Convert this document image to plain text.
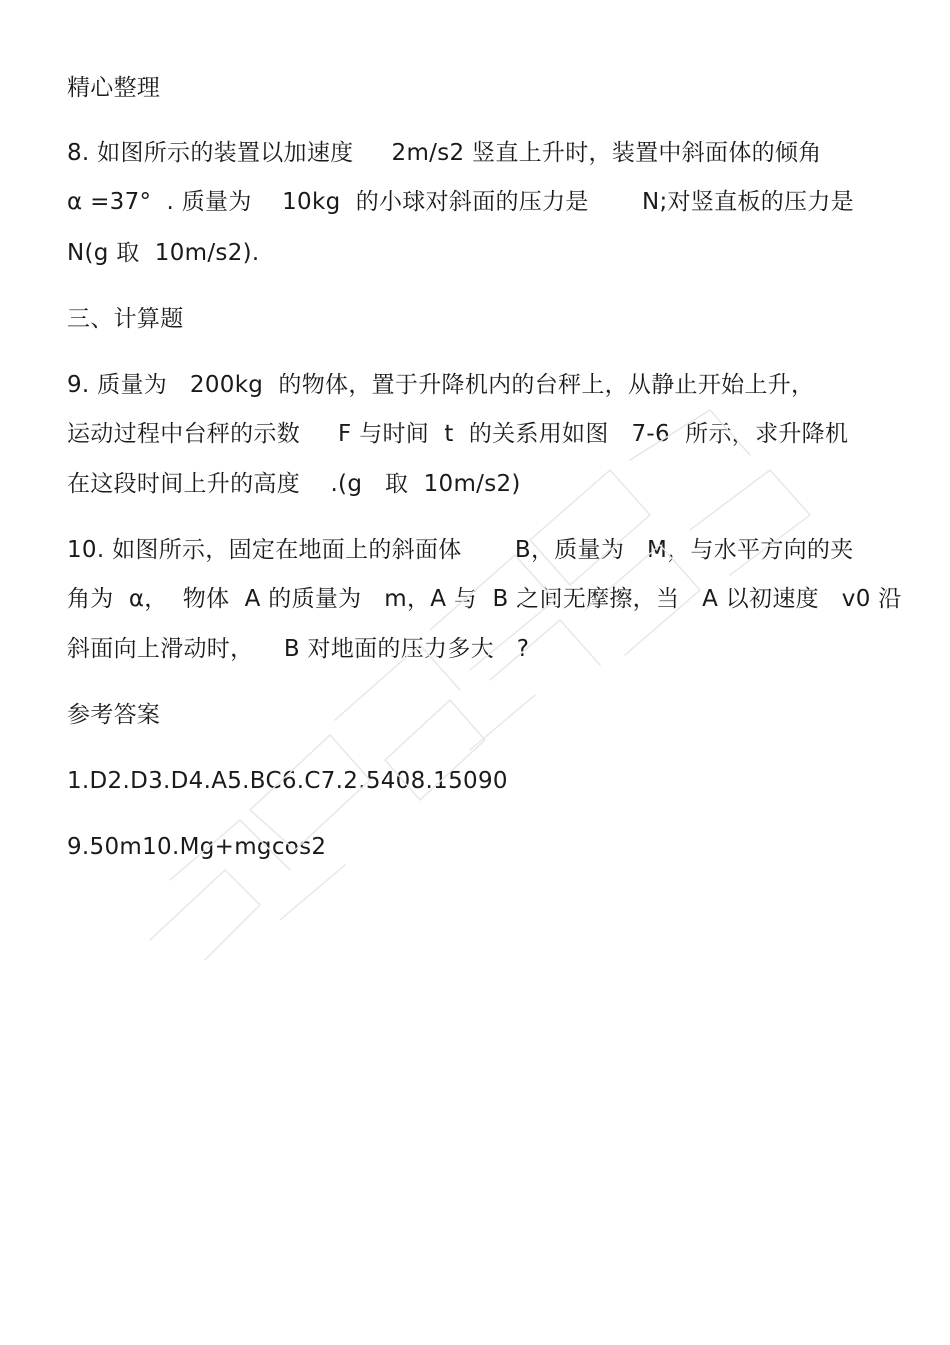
精心整理
8. 如图所示的装置以加速度     2m/s2 竖直上升时，装置中斜面体的倾角
α =37°  . 质量为    10kg  的小球对斜面的压力是       N;对竖直板的压力是
N(g 取  10m/s2).
三、计算题
9. 质量为   200kg  的物体，置于升降机内的台秤上，从静止开始上升，
运动过程中台秤的示数     F 与时间  t  的关系用如图   7-6  所示，求升降机
在这段时间上升的高度    .(g   取  10m/s2)
10. 如图所示，固定在地面上的斜面体       B，质量为   M，与水平方向的夹
角为  α，  物体  A 的质量为   m，A 与  B 之间无摩擦，当   A 以初速度   v0 沿
斜面向上滑动时，    B 对地面的压力多大   ?
参考答案
1.D2.D3.D4.A5.BC6.C7.2.5408.15090
9.50m10.Mg+mgcos2
